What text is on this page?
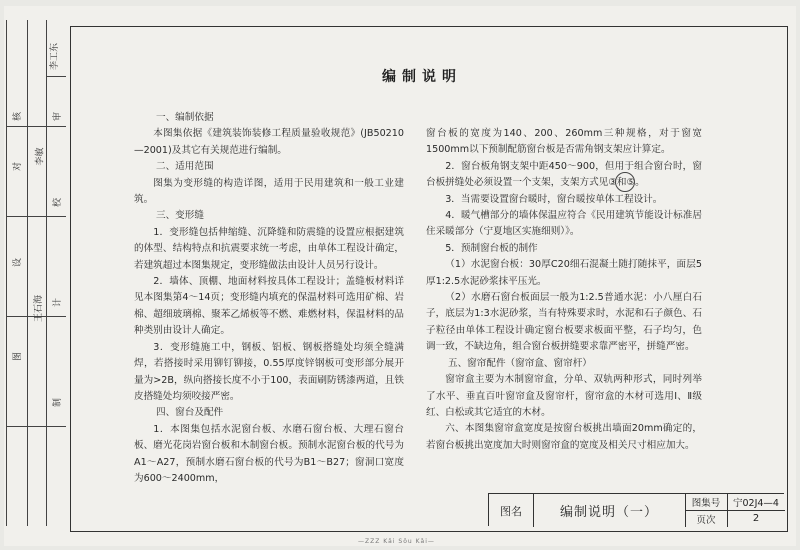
李工东
审
核
李敏
校
对
计
设
王石海
制
图
编制说明

一、编制依据

本图集依据《建筑装饰装修工程质量验收规范》(JB50210—2001)及其它有关规范进行编制。

二、适用范围

图集为变形缝的构造详图，适用于民用建筑和一般工业建筑。

三、变形缝

1．变形缝包括伸缩缝、沉降缝和防震缝的设置应根据建筑的体型、结构特点和抗震要求统一考虑，由单体工程设计确定，若建筑超过本图集规定，变形缝做法由设计人员另行设计。

2．墙体、顶棚、地面材料按具体工程设计；盖缝板材料详见本图集第4～14页；变形缝内填充的保温材料可选用矿棉、岩棉、超细玻璃棉、聚苯乙烯板等不燃、难燃材料，保温材料的品种类别由设计人确定。

3．变形缝施工中，钢板、铝板、钢板搭缝处均须全缝满焊，若搭接时采用铆钉铆接，0.55厚度锌钢板可变形部分展开量为>2B，纵向搭接长度不小于100，表面刷防锈漆两道，且铁皮搭缝处均须咬接严密。

四、窗台及配件

1．本图集包括水泥窗台板、水磨石窗台板、大理石窗台板、磨光花岗岩窗台板和木制窗台板。预制水泥窗台板的代号为A1～A27，预制水磨石窗台板的代号为B1～B27；窗洞口宽度为600～2400mm，

窗台板的宽度为140、200、260mm三种规格，对于窗宽1500mm以下预制配筋窗台板是否需角钢支架应计算定。

2．窗台板角钢支架中距450～900，但用于组合窗台时，窗台板拼缝处必须设置一个支架，支架方式见③和⑤。

3．当需要设置窗台暖时，窗台暖按单体工程设计。

4．暖气槽部分的墙体保温应符合《民用建筑节能设计标准居住采暖部分（宁夏地区实施细则）》。

5．预制窗台板的制作

（1）水泥窗台板：30厚C20细石混凝土随打随抹平，面层5厚1:2.5水泥砂浆抹平压光。

（2）水磨石窗台板面层一般为1:2.5普通水泥：小八厘白石子，底层为1:3水泥砂浆，当有特殊要求时，水泥和石子颜色、石子粒径由单体工程设计确定窗台板要求板面平整，石子均匀，色调一致，不缺边角，组合窗台板拼缝要求靠严密平，拼缝严密。

五、窗帘配件（窗帘盒、窗帘杆）

窗帘盒主要为木制窗帘盒，分单、双轨两种形式，同时列举了水平、垂直百叶窗帘盒及窗帘杆，窗帘盒的木材可选用Ⅰ、Ⅱ级红、白松或其它适宜的木材。

六、本图集窗帘盒宽度是按窗台板挑出墙面20mm确定的，若窗台板挑出宽度加大时则窗帘盒的宽度及相关尺寸相应加大。

图名	编制说明（一）
图集号	宁02J4—4
页次	2
—ZZZ Kǎi Sǒu Kǎi—
